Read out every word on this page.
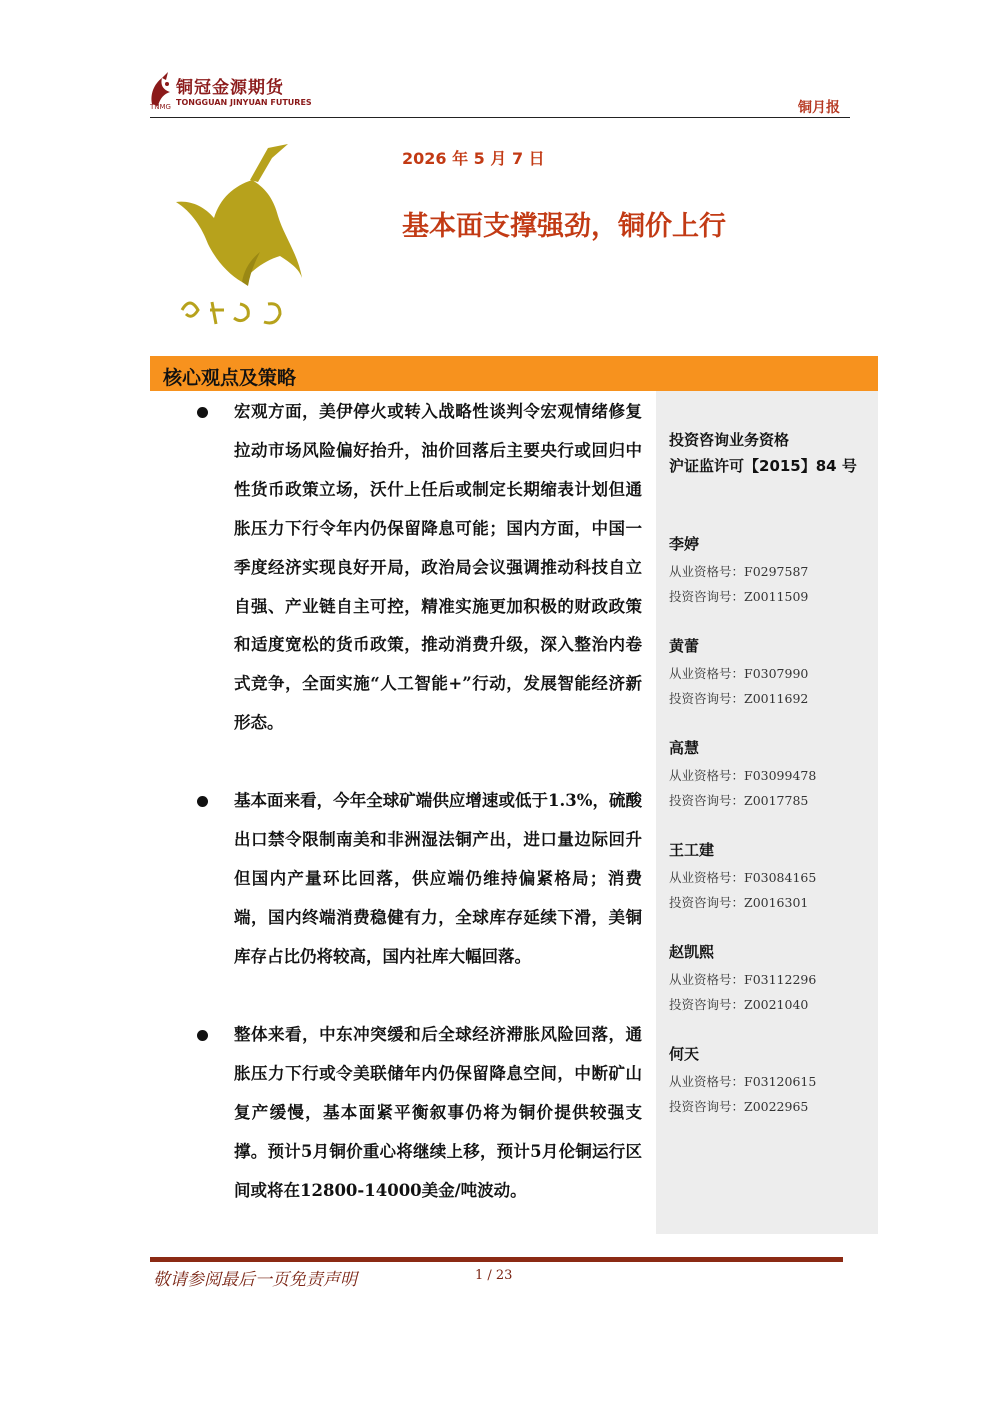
铜冠金源期货
TONGGUAN JINYUAN FUTURES
TNMG	铜月报
2026 年 5 月 7 日
基本面支撑强劲，铜价上行
核心观点及策略
投资咨询业务资格
沪证监许可【2015】84 号
李婷
从业资格号：F0297587
投资咨询号：Z0011509
黄蕾
从业资格号：F0307990
投资咨询号：Z0011692
高慧
从业资格号：F03099478
投资咨询号：Z0017785
王工建
从业资格号：F03084165
投资咨询号：Z0016301
赵凯熙
从业资格号：F03112296
投资咨询号：Z0021040
何天
从业资格号：F03120615
投资咨询号：Z0022965
宏观方面，美伊停火或转入战略性谈判令宏观情绪修复拉动市场风险偏好抬升，油价回落后主要央行或回归中性货币政策立场，沃什上任后或制定长期缩表计划但通胀压力下行令年内仍保留降息可能；国内方面，中国一季度经济实现良好开局，政治局会议强调推动科技自立自强、产业链自主可控，精准实施更加积极的财政政策和适度宽松的货币政策，推动消费升级，深入整治内卷式竞争，全面实施“人工智能+”行动，发展智能经济新形态。
基本面来看，今年全球矿端供应增速或低于1.3%，硫酸出口禁令限制南美和非洲湿法铜产出，进口量边际回升但国内产量环比回落，供应端仍维持偏紧格局；消费端，国内终端消费稳健有力，全球库存延续下滑，美铜库存占比仍将较高，国内社库大幅回落。
整体来看，中东冲突缓和后全球经济滞胀风险回落，通胀压力下行或令美联储年内仍保留降息空间，中断矿山复产缓慢，基本面紧平衡叙事仍将为铜价提供较强支撑。预计5月铜价重心将继续上移，预计5月伦铜运行区间或将在12800-14000美金/吨波动。
敬请参阅最后一页免责声明	1 / 23
